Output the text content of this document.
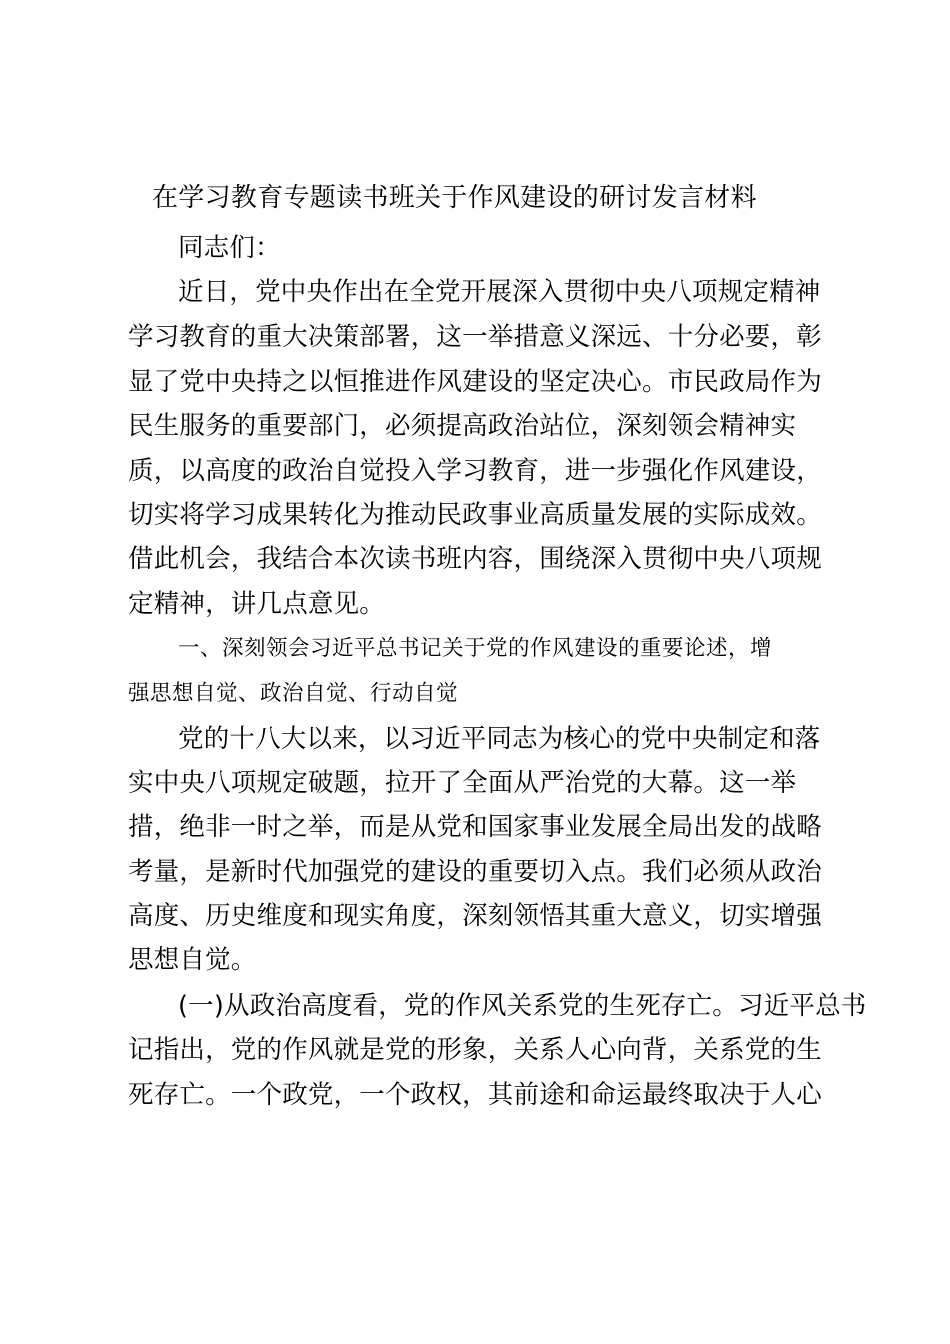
在学习教育专题读书班关于作风建设的研讨发言材料
同志们：
近日，党中央作出在全党开展深入贯彻中央八项规定精神
学习教育的重大决策部署，这一举措意义深远、十分必要，彰
显了党中央持之以恒推进作风建设的坚定决心。市民政局作为
民生服务的重要部门，必须提高政治站位，深刻领会精神实
质，以高度的政治自觉投入学习教育，进一步强化作风建设，
切实将学习成果转化为推动民政事业高质量发展的实际成效。
借此机会，我结合本次读书班内容，围绕深入贯彻中央八项规
定精神，讲几点意见。
一、深刻领会习近平总书记关于党的作风建设的重要论述，增
强思想自觉、政治自觉、行动自觉
党的十八大以来，以习近平同志为核心的党中央制定和落
实中央八项规定破题，拉开了全面从严治党的大幕。这一举
措，绝非一时之举，而是从党和国家事业发展全局出发的战略
考量，是新时代加强党的建设的重要切入点。我们必须从政治
高度、历史维度和现实角度，深刻领悟其重大意义，切实增强
思想自觉。
(一)从政治高度看，党的作风关系党的生死存亡。习近平总书
记指出，党的作风就是党的形象，关系人心向背，关系党的生
死存亡。一个政党，一个政权，其前途和命运最终取决于人心
